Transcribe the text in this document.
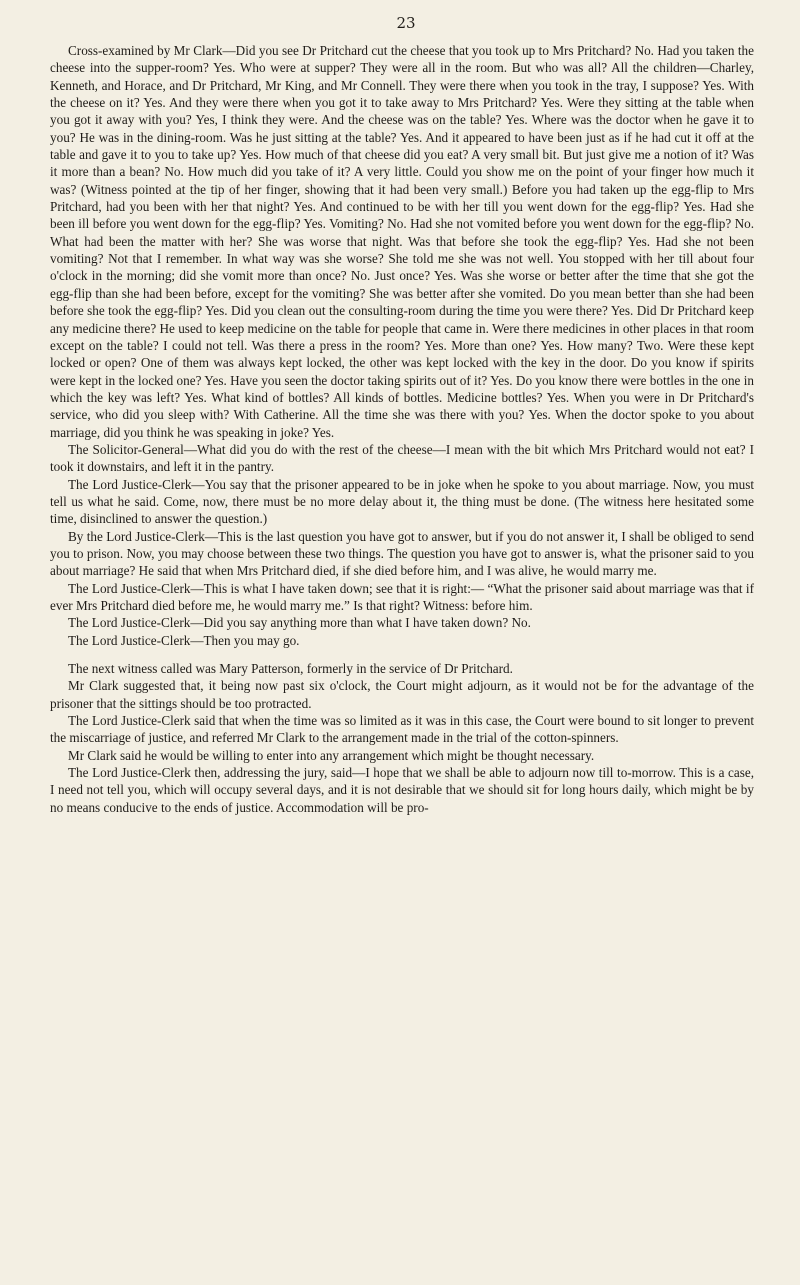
23

Cross-examined by Mr Clark—Did you see Dr Pritchard cut the cheese that you took up to Mrs Pritchard? No. Had you taken the cheese into the supper-room? Yes. Who were at supper? They were all in the room. But who was all? All the children—Charley, Kenneth, and Horace, and Dr Pritchard, Mr King, and Mr Connell. They were there when you took in the tray, I suppose? Yes. With the cheese on it? Yes. And they were there when you got it to take away to Mrs Pritchard? Yes. Were they sitting at the table when you got it away with you? Yes, I think they were. And the cheese was on the table? Yes. Where was the doctor when he gave it to you? He was in the dining-room. Was he just sitting at the table? Yes. And it appeared to have been just as if he had cut it off at the table and gave it to you to take up? Yes. How much of that cheese did you eat? A very small bit. But just give me a notion of it? Was it more than a bean? No. How much did you take of it? A very little. Could you show me on the point of your finger how much it was? (Witness pointed at the tip of her finger, showing that it had been very small.) Before you had taken up the egg-flip to Mrs Pritchard, had you been with her that night? Yes. And continued to be with her till you went down for the egg-flip? Yes. Had she been ill before you went down for the egg-flip? Yes. Vomiting? No. Had she not vomited before you went down for the egg-flip? No. What had been the matter with her? She was worse that night. Was that before she took the egg-flip? Yes. Had she not been vomiting? Not that I remember. In what way was she worse? She told me she was not well. You stopped with her till about four o'clock in the morning; did she vomit more than once? No. Just once? Yes. Was she worse or better after the time that she got the egg-flip than she had been before, except for the vomiting? She was better after she vomited. Do you mean better than she had been before she took the egg-flip? Yes. Did you clean out the consulting-room during the time you were there? Yes. Did Dr Pritchard keep any medicine there? He used to keep medicine on the table for people that came in. Were there medicines in other places in that room except on the table? I could not tell. Was there a press in the room? Yes. More than one? Yes. How many? Two. Were these kept locked or open? One of them was always kept locked, the other was kept locked with the key in the door. Do you know if spirits were kept in the locked one? Yes. Have you seen the doctor taking spirits out of it? Yes. Do you know there were bottles in the one in which the key was left? Yes. What kind of bottles? All kinds of bottles. Medicine bottles? Yes. When you were in Dr Pritchard's service, who did you sleep with? With Catherine. All the time she was there with you? Yes. When the doctor spoke to you about marriage, did you think he was speaking in joke? Yes.

The Solicitor-General—What did you do with the rest of the cheese—I mean with the bit which Mrs Pritchard would not eat? I took it downstairs, and left it in the pantry.

The Lord Justice-Clerk—You say that the prisoner appeared to be in joke when he spoke to you about marriage. Now, you must tell us what he said. Come, now, there must be no more delay about it, the thing must be done. (The witness here hesitated some time, disinclined to answer the question.)

By the Lord Justice-Clerk—This is the last question you have got to answer, but if you do not answer it, I shall be obliged to send you to prison. Now, you may choose between these two things. The question you have got to answer is, what the prisoner said to you about marriage? He said that when Mrs Pritchard died, if she died before him, and I was alive, he would marry me.

The Lord Justice-Clerk—This is what I have taken down; see that it is right:— “What the prisoner said about marriage was that if ever Mrs Pritchard died before me, he would marry me.” Is that right? Witness: before him.

The Lord Justice-Clerk—Did you say anything more than what I have taken down? No.

The Lord Justice-Clerk—Then you may go.

The next witness called was Mary Patterson, formerly in the service of Dr Pritchard.

Mr Clark suggested that, it being now past six o'clock, the Court might adjourn, as it would not be for the advantage of the prisoner that the sittings should be too protracted.

The Lord Justice-Clerk said that when the time was so limited as it was in this case, the Court were bound to sit longer to prevent the miscarriage of justice, and referred Mr Clark to the arrangement made in the trial of the cotton-spinners.

Mr Clark said he would be willing to enter into any arrangement which might be thought necessary.

The Lord Justice-Clerk then, addressing the jury, said—I hope that we shall be able to adjourn now till to-morrow. This is a case, I need not tell you, which will occupy several days, and it is not desirable that we should sit for long hours daily, which might be by no means conducive to the ends of justice. Accommodation will be pro-
